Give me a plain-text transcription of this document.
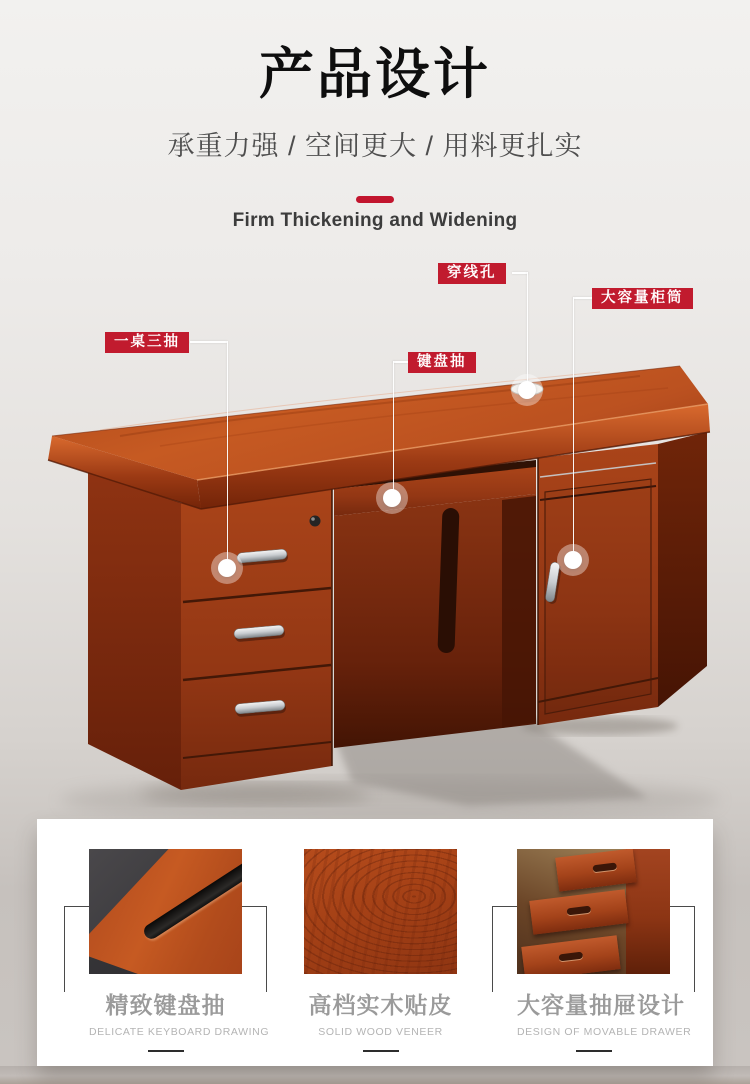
产品设计
承重力强 / 空间更大 / 用料更扎实
Firm Thickening and Widening
穿线孔
大容量柜筒
一桌三抽
键盘抽
精致键盘抽
DELICATE KEYBOARD DRAWING
高档实木贴皮
SOLID WOOD VENEER
大容量抽屉设计
DESIGN OF MOVABLE DRAWER
